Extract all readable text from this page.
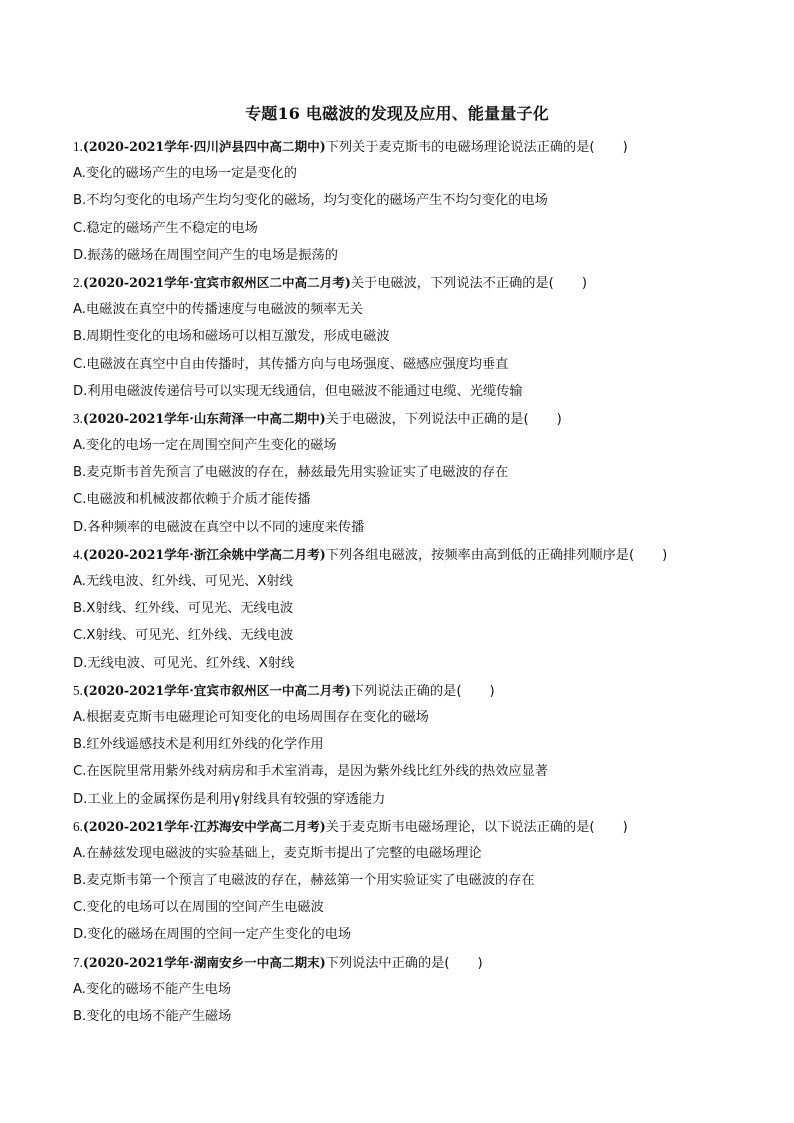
专题16 电磁波的发现及应用、能量量子化
1.(2020-2021学年·四川泸县四中高二期中)下列关于麦克斯韦的电磁场理论说法正确的是( )
A.变化的磁场产生的电场一定是变化的
B.不均匀变化的电场产生均匀变化的磁场，均匀变化的磁场产生不均匀变化的电场
C.稳定的磁场产生不稳定的电场
D.振荡的磁场在周围空间产生的电场是振荡的
2.(2020-2021学年·宜宾市叙州区二中高二月考)关于电磁波，下列说法不正确的是( )
A.电磁波在真空中的传播速度与电磁波的频率无关
B.周期性变化的电场和磁场可以相互激发，形成电磁波
C.电磁波在真空中自由传播时，其传播方向与电场强度、磁感应强度均垂直
D.利用电磁波传递信号可以实现无线通信，但电磁波不能通过电缆、光缆传输
3.(2020-2021学年·山东菏泽一中高二期中)关于电磁波，下列说法中正确的是( )
A.变化的电场一定在周围空间产生变化的磁场
B.麦克斯韦首先预言了电磁波的存在，赫兹最先用实验证实了电磁波的存在
C.电磁波和机械波都依赖于介质才能传播
D.各种频率的电磁波在真空中以不同的速度来传播
4.(2020-2021学年·浙江余姚中学高二月考)下列各组电磁波，按频率由高到低的正确排列顺序是( )
A.无线电波、红外线、可见光、X射线
B.X射线、红外线、可见光、无线电波
C.X射线、可见光、红外线、无线电波
D.无线电波、可见光、红外线、X射线
5.(2020-2021学年·宜宾市叙州区一中高二月考)下列说法正确的是( )
A.根据麦克斯韦电磁理论可知变化的电场周围存在变化的磁场
B.红外线遥感技术是利用红外线的化学作用
C.在医院里常用紫外线对病房和手术室消毒，是因为紫外线比红外线的热效应显著
D.工业上的金属探伤是利用γ射线具有较强的穿透能力
6.(2020-2021学年·江苏海安中学高二月考)关于麦克斯韦电磁场理论，以下说法正确的是( )
A.在赫兹发现电磁波的实验基础上，麦克斯韦提出了完整的电磁场理论
B.麦克斯韦第一个预言了电磁波的存在，赫兹第一个用实验证实了电磁波的存在
C.变化的电场可以在周围的空间产生电磁波
D.变化的磁场在周围的空间一定产生变化的电场
7.(2020-2021学年·湖南安乡一中高二期末)下列说法中正确的是( )
A.变化的磁场不能产生电场
B.变化的电场不能产生磁场
